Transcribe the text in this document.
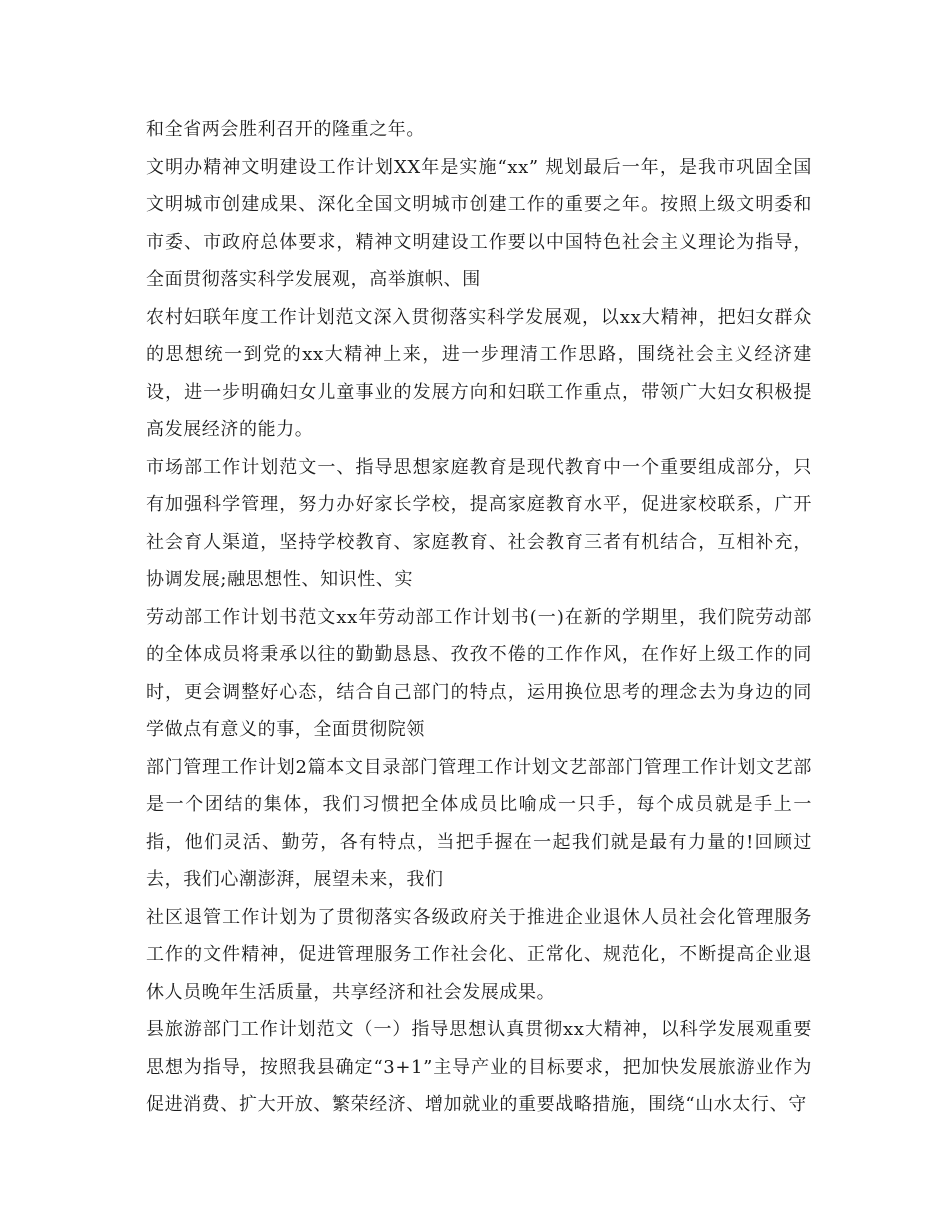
和全省两会胜利召开的隆重之年。

文明办精神文明建设工作计划XX年是实施“xx” 规划最后一年，是我市巩固全国文明城市创建成果、深化全国文明城市创建工作的重要之年。按照上级文明委和市委、市政府总体要求，精神文明建设工作要以中国特色社会主义理论为指导，全面贯彻落实科学发展观，高举旗帜、围

农村妇联年度工作计划范文深入贯彻落实科学发展观，以xx大精神，把妇女群众的思想统一到党的xx大精神上来，进一步理清工作思路，围绕社会主义经济建设，进一步明确妇女儿童事业的发展方向和妇联工作重点，带领广大妇女积极提高发展经济的能力。

市场部工作计划范文一、指导思想家庭教育是现代教育中一个重要组成部分，只有加强科学管理，努力办好家长学校，提高家庭教育水平，促进家校联系，广开社会育人渠道，坚持学校教育、家庭教育、社会教育三者有机结合，互相补充，协调发展;融思想性、知识性、实

劳动部工作计划书范文xx年劳动部工作计划书(一)在新的学期里，我们院劳动部的全体成员将秉承以往的勤勤恳恳、孜孜不倦的工作作风，在作好上级工作的同时，更会调整好心态，结合自己部门的特点，运用换位思考的理念去为身边的同学做点有意义的事，全面贯彻院领

部门管理工作计划2篇本文目录部门管理工作计划文艺部部门管理工作计划文艺部是一个团结的集体，我们习惯把全体成员比喻成一只手，每个成员就是手上一指，他们灵活、勤劳，各有特点，当把手握在一起我们就是最有力量的!回顾过去，我们心潮澎湃，展望未来，我们

社区退管工作计划为了贯彻落实各级政府关于推进企业退休人员社会化管理服务工作的文件精神，促进管理服务工作社会化、正常化、规范化，不断提高企业退休人员晚年生活质量，共享经济和社会发展成果。

县旅游部门工作计划范文（一）指导思想认真贯彻xx大精神，以科学发展观重要思想为指导，按照我县确定“3+1”主导产业的目标要求，把加快发展旅游业作为促进消费、扩大开放、繁荣经济、增加就业的重要战略措施，围绕“山水太行、守
